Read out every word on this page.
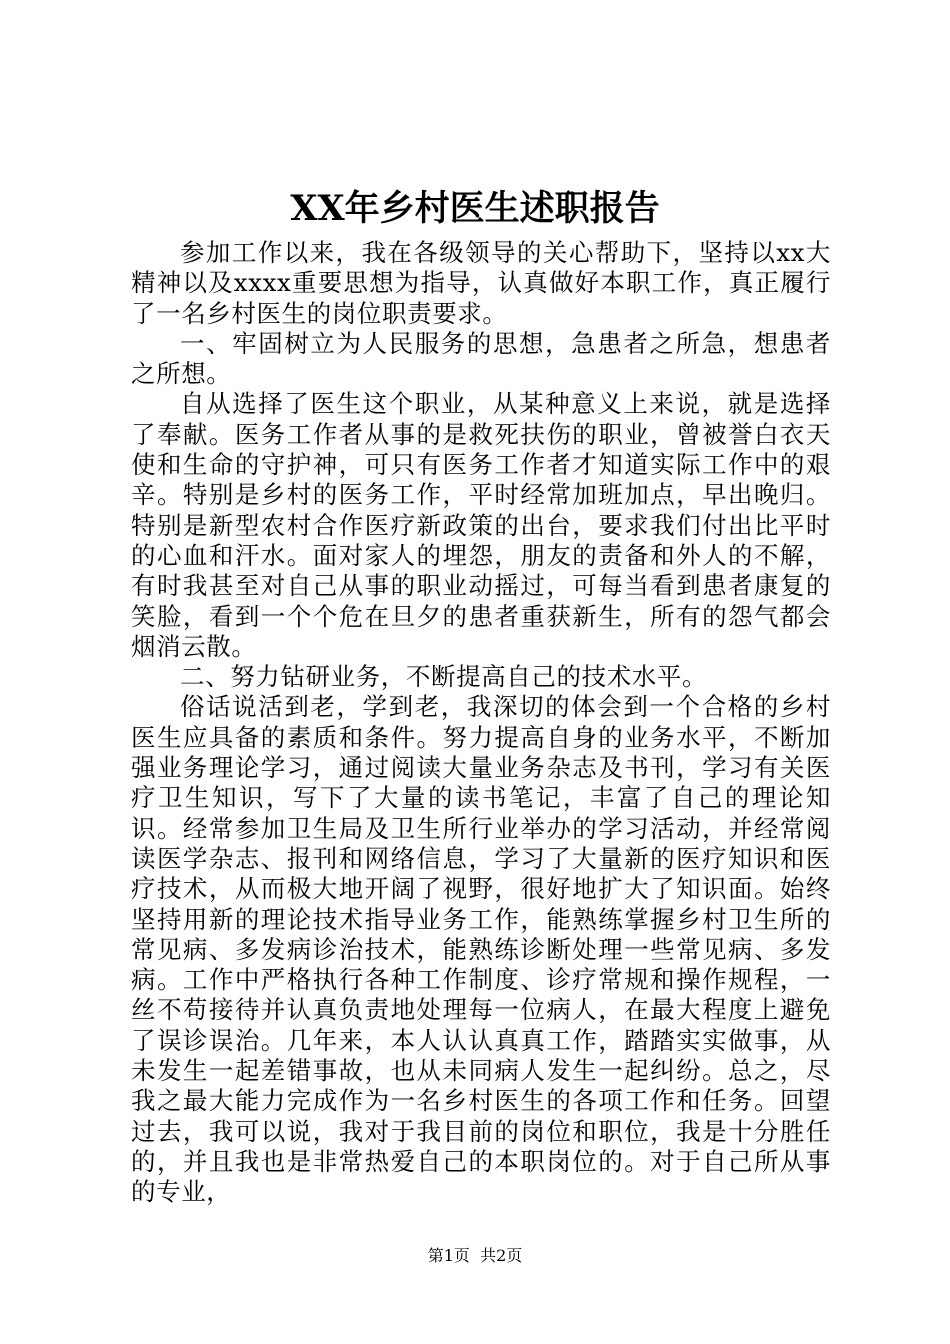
XX年乡村医生述职报告

参加工作以来，我在各级领导的关心帮助下，坚持以xx大精神以及xxxx重要思想为指导，认真做好本职工作，真正履行了一名乡村医生的岗位职责要求。

一、牢固树立为人民服务的思想，急患者之所急，想患者之所想。

自从选择了医生这个职业，从某种意义上来说，就是选择了奉献。医务工作者从事的是救死扶伤的职业，曾被誉白衣天使和生命的守护神，可只有医务工作者才知道实际工作中的艰辛。特别是乡村的医务工作，平时经常加班加点，早出晚归。特别是新型农村合作医疗新政策的出台，要求我们付出比平时的心血和汗水。面对家人的埋怨，朋友的责备和外人的不解，有时我甚至对自己从事的职业动摇过，可每当看到患者康复的笑脸，看到一个个危在旦夕的患者重获新生，所有的怨气都会烟消云散。

二、努力钻研业务，不断提高自己的技术水平。

俗话说活到老，学到老，我深切的体会到一个合格的乡村医生应具备的素质和条件。努力提高自身的业务水平，不断加强业务理论学习，通过阅读大量业务杂志及书刊，学习有关医疗卫生知识，写下了大量的读书笔记，丰富了自己的理论知识。经常参加卫生局及卫生所行业举办的学习活动，并经常阅读医学杂志、报刊和网络信息，学习了大量新的医疗知识和医疗技术，从而极大地开阔了视野，很好地扩大了知识面。始终坚持用新的理论技术指导业务工作，能熟练掌握乡村卫生所的常见病、多发病诊治技术，能熟练诊断处理一些常见病、多发病。工作中严格执行各种工作制度、诊疗常规和操作规程，一丝不苟接待并认真负责地处理每一位病人，在最大程度上避免了误诊误治。几年来，本人认认真真工作，踏踏实实做事，从未发生一起差错事故，也从未同病人发生一起纠纷。总之，尽我之最大能力完成作为一名乡村医生的各项工作和任务。回望过去，我可以说，我对于我目前的岗位和职位，我是十分胜任的，并且我也是非常热爱自己的本职岗位的。对于自己所从事的专业，

第1页 共2页
